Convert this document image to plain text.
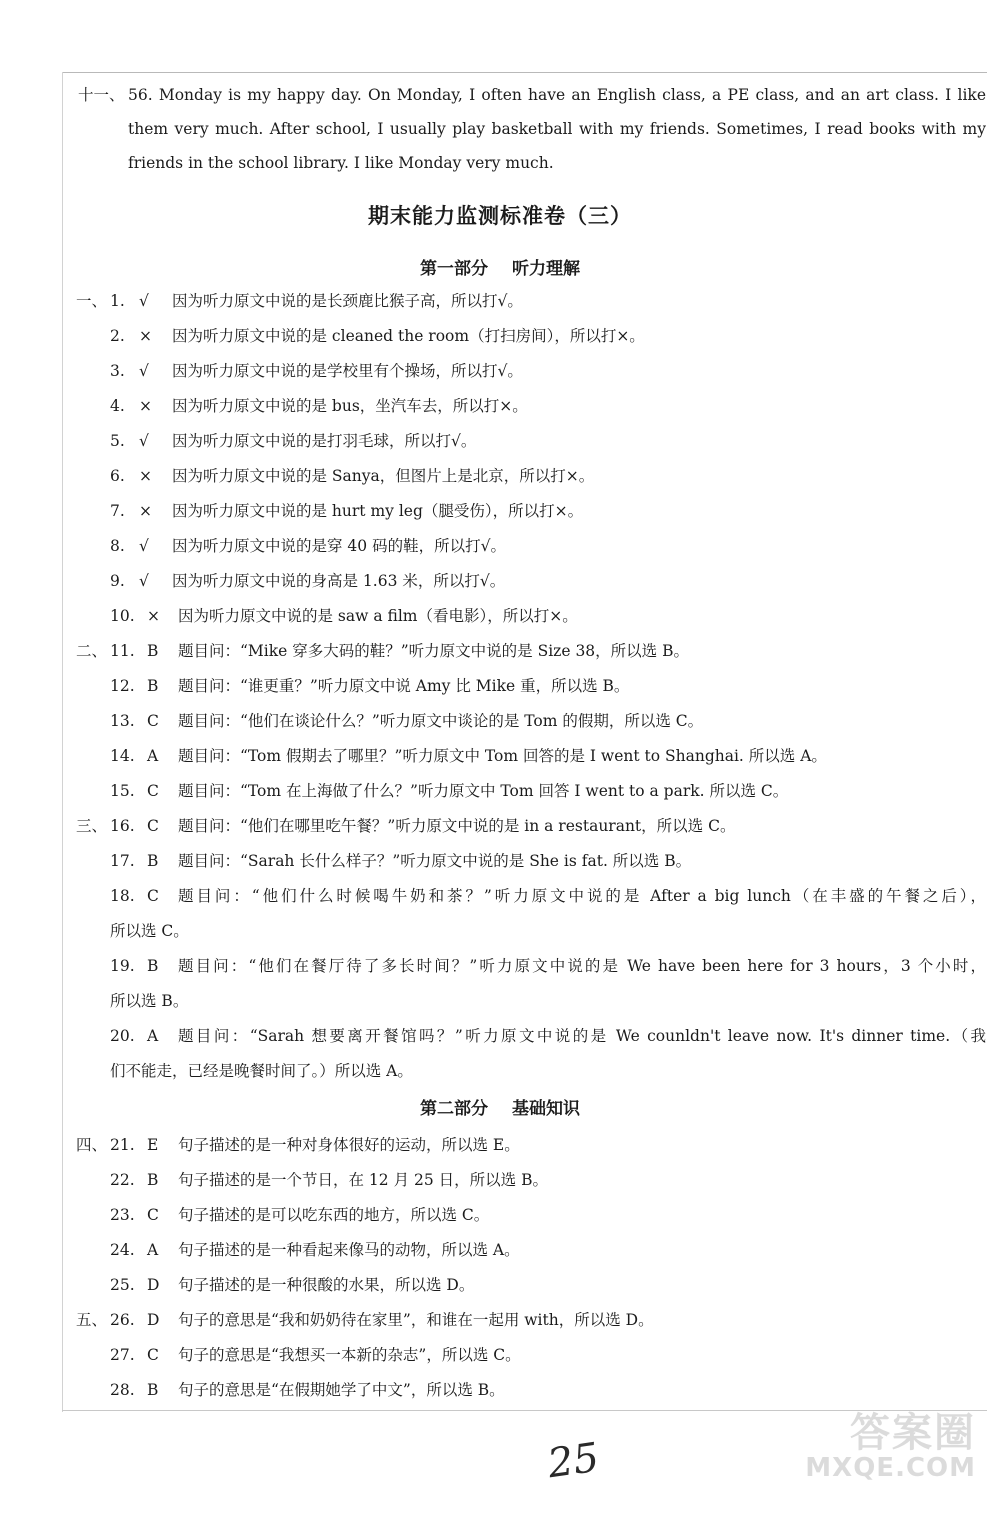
十一、 56. Monday is my happy day. On Monday, I often have an English class, a PE class, and an art class. I like
them very much. After school, I usually play basketball with my friends. Sometimes, I read books with my
friends in the school library. I like Monday very much.
期末能力监测标准卷（三）
第一部分 听力理解
第二部分 基础知识
一、 1. √ 因为听力原文中说的是长颈鹿比猴子高，所以打√。
2. × 因为听力原文中说的是 cleaned the room（打扫房间），所以打×。
3. √ 因为听力原文中说的是学校里有个操场，所以打√。
4. × 因为听力原文中说的是 bus，坐汽车去，所以打×。
5. √ 因为听力原文中说的是打羽毛球，所以打√。
6. × 因为听力原文中说的是 Sanya，但图片上是北京，所以打×。
7. × 因为听力原文中说的是 hurt my leg（腿受伤），所以打×。
8. √ 因为听力原文中说的是穿 40 码的鞋，所以打√。
9. √ 因为听力原文中说的身高是 1.63 米，所以打√。
10. × 因为听力原文中说的是 saw a film（看电影），所以打×。
二、 11. B 题目问：“Mike 穿多大码的鞋？”听力原文中说的是 Size 38，所以选 B。
12. B 题目问：“谁更重？”听力原文中说 Amy 比 Mike 重，所以选 B。
13. C 题目问：“他们在谈论什么？”听力原文中谈论的是 Tom 的假期，所以选 C。
14. A 题目问：“Tom 假期去了哪里？”听力原文中 Tom 回答的是 I went to Shanghai. 所以选 A。
15. C 题目问：“Tom 在上海做了什么？”听力原文中 Tom 回答 I went to a park. 所以选 C。
三、 16. C 题目问：“他们在哪里吃午餐？”听力原文中说的是 in a restaurant，所以选 C。
17. B 题目问：“Sarah 长什么样子？”听力原文中说的是 She is fat. 所以选 B。
18. C 题目问：“他们什么时候喝牛奶和茶？”听力原文中说的是 After a big lunch（在丰盛的午餐之后），
所以选 C。
19. B 题目问：“他们在餐厅待了多长时间？”听力原文中说的是 We have been here for 3 hours，3 个小时，
所以选 B。
20. A 题目问：“Sarah 想要离开餐馆吗？”听力原文中说的是 We counldn't leave now. It's dinner time.（我
们不能走，已经是晚餐时间了。）所以选 A。
四、 21. E 句子描述的是一种对身体很好的运动，所以选 E。
22. B 句子描述的是一个节日，在 12 月 25 日，所以选 B。
23. C 句子描述的是可以吃东西的地方，所以选 C。
24. A 句子描述的是一种看起来像马的动物，所以选 A。
25. D 句子描述的是一种很酸的水果，所以选 D。
五、 26. D 句子的意思是“我和奶奶待在家里”，和谁在一起用 with，所以选 D。
27. C 句子的意思是“我想买一本新的杂志”，所以选 C。
28. B 句子的意思是“在假期她学了中文”，所以选 B。
25
答案圈
MXQE.COM
